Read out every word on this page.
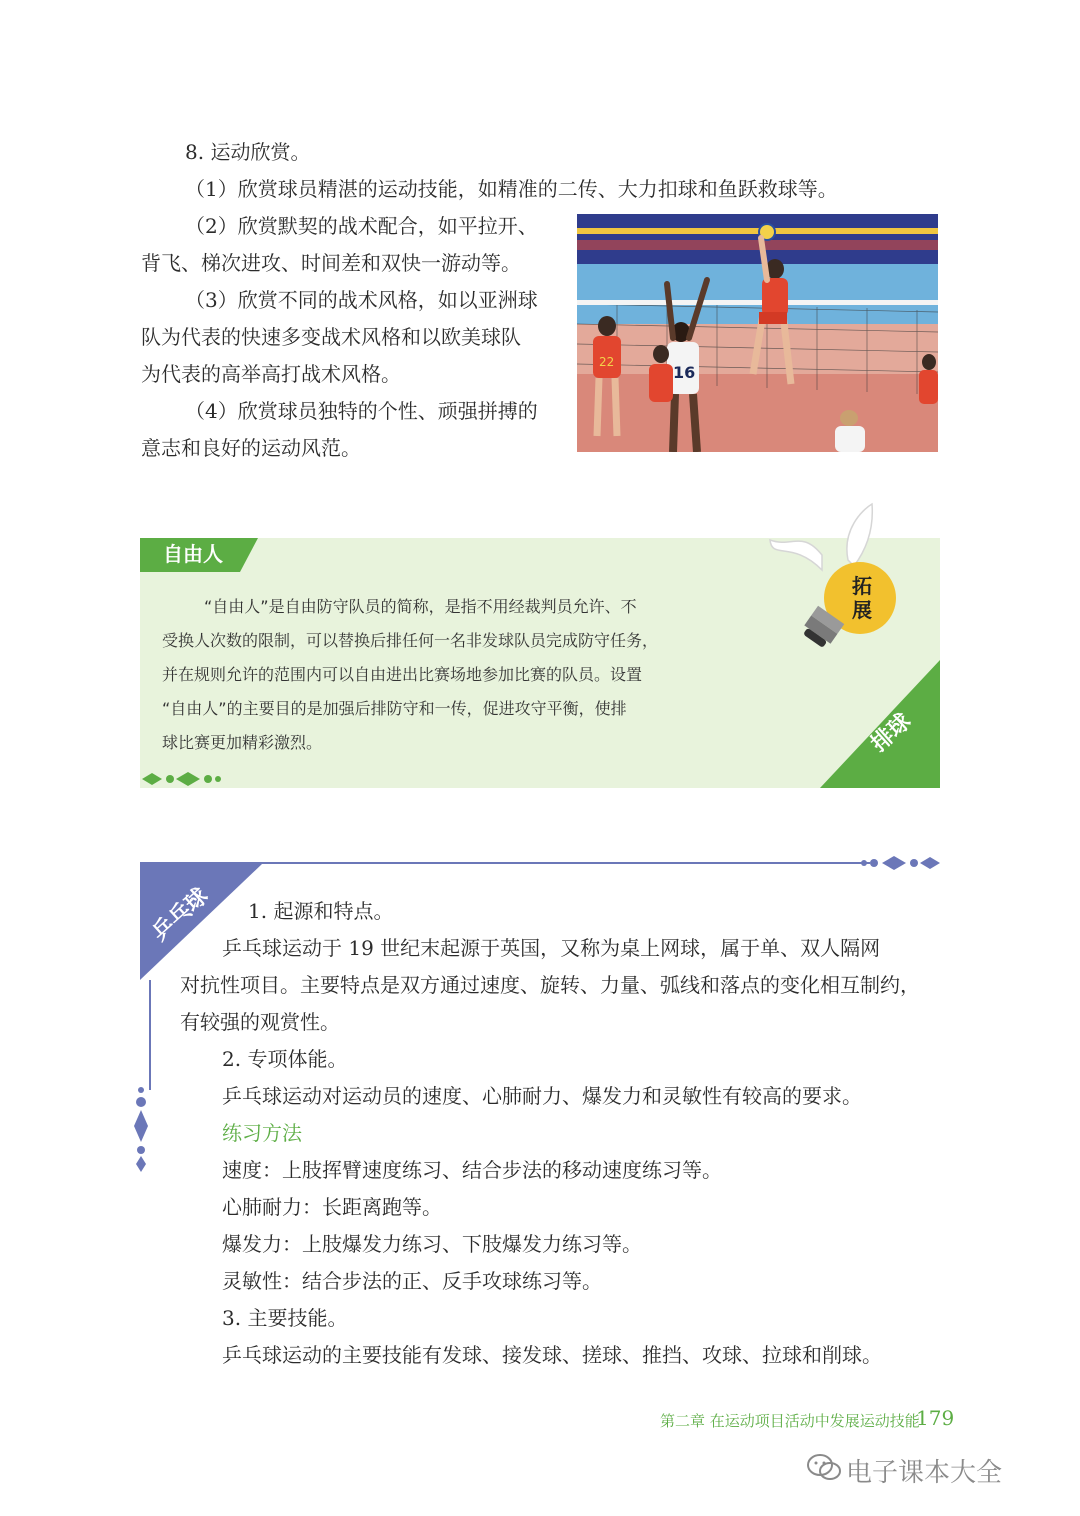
8. 运动欣赏。
（1）欣赏球员精湛的运动技能，如精准的二传、大力扣球和鱼跃救球等。
（2）欣赏默契的战术配合，如平拉开、
背飞、梯次进攻、时间差和双快一游动等。
（3）欣赏不同的战术风格，如以亚洲球
队为代表的快速多变战术风格和以欧美球队
为代表的高举高打战术风格。
（4）欣赏球员独特的个性、顽强拼搏的
意志和良好的运动风范。
22
16
自由人
“自由人”是自由防守队员的简称，是指不用经裁判员允许、不
受换人次数的限制，可以替换后排任何一名非发球队员完成防守任务，
并在规则允许的范围内可以自由进出比赛场地参加比赛的队员。设置
“自由人”的主要目的是加强后排防守和一传，促进攻守平衡，使排
球比赛更加精彩激烈。
拓展
排球
乒乓球 1. 起源和特点。
乒乓球运动于 19 世纪末起源于英国，又称为桌上网球，属于单、双人隔网
对抗性项目。主要特点是双方通过速度、旋转、力量、弧线和落点的变化相互制约，
有较强的观赏性。
2. 专项体能。
乒乓球运动对运动员的速度、心肺耐力、爆发力和灵敏性有较高的要求。
练习方法
速度：上肢挥臂速度练习、结合步法的移动速度练习等。
心肺耐力：长距离跑等。
爆发力：上肢爆发力练习、下肢爆发力练习等。
灵敏性：结合步法的正、反手攻球练习等。
3. 主要技能。
乒乓球运动的主要技能有发球、接发球、搓球、推挡、攻球、拉球和削球。
第二章 在运动项目活动中发展运动技能
179
电子课本大全
